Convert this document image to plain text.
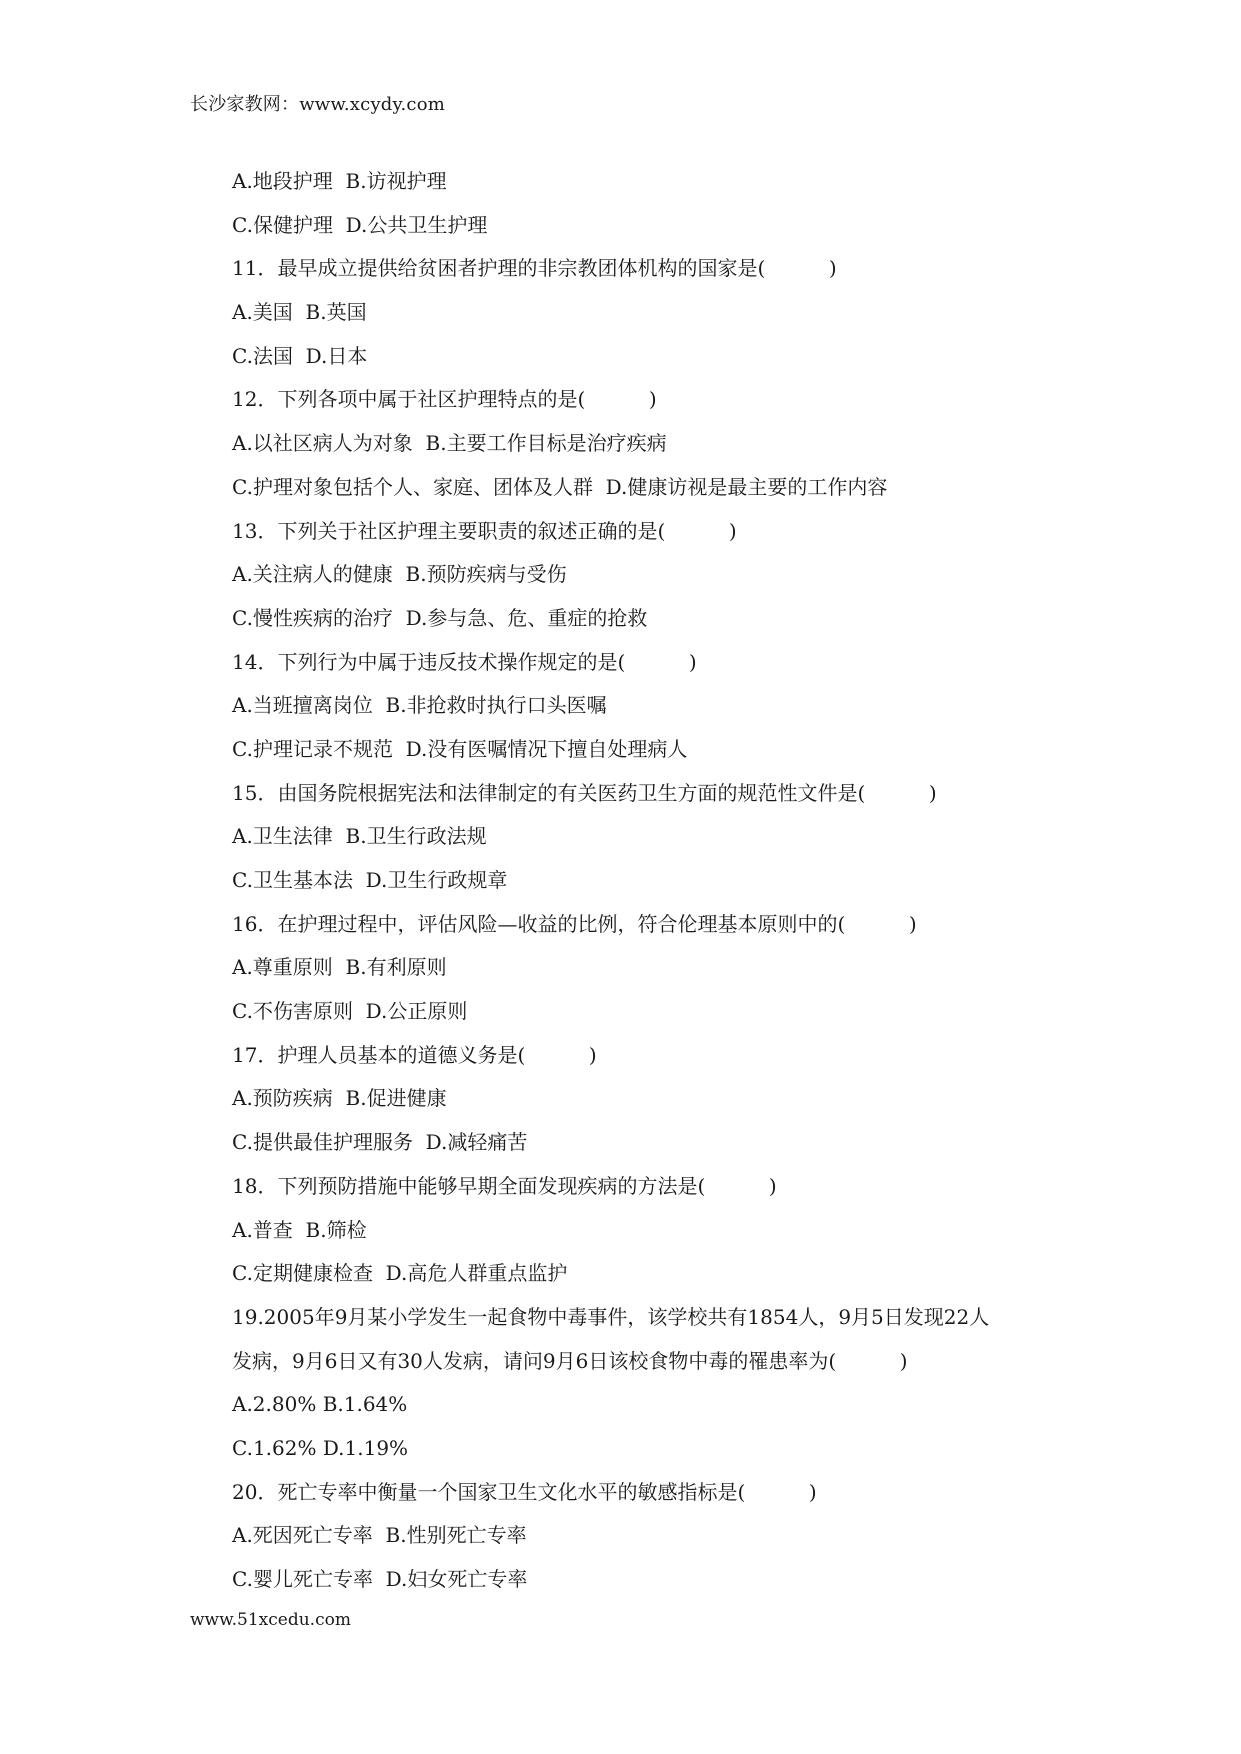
长沙家教网：www.xcydy.com
A.地段护理  B.访视护理
C.保健护理  D.公共卫生护理
11．最早成立提供给贫困者护理的非宗教团体机构的国家是(          )
A.美国  B.英国
C.法国  D.日本
12．下列各项中属于社区护理特点的是(          )
A.以社区病人为对象  B.主要工作目标是治疗疾病
C.护理对象包括个人、家庭、团体及人群  D.健康访视是最主要的工作内容
13．下列关于社区护理主要职责的叙述正确的是(          )
A.关注病人的健康  B.预防疾病与受伤
C.慢性疾病的治疗  D.参与急、危、重症的抢救
14．下列行为中属于违反技术操作规定的是(          )
A.当班擅离岗位  B.非抢救时执行口头医嘱
C.护理记录不规范  D.没有医嘱情况下擅自处理病人
15．由国务院根据宪法和法律制定的有关医药卫生方面的规范性文件是(          )
A.卫生法律  B.卫生行政法规
C.卫生基本法  D.卫生行政规章
16．在护理过程中，评估风险—收益的比例，符合伦理基本原则中的(          )
A.尊重原则  B.有利原则
C.不伤害原则  D.公正原则
17．护理人员基本的道德义务是(          )
A.预防疾病  B.促进健康
C.提供最佳护理服务  D.减轻痛苦
18．下列预防措施中能够早期全面发现疾病的方法是(          )
A.普查  B.筛检
C.定期健康检查  D.高危人群重点监护
19.2005年9月某小学发生一起食物中毒事件，该学校共有1854人，9月5日发现22人
发病，9月6日又有30人发病，请问9月6日该校食物中毒的罹患率为(          )
A.2.80% B.1.64%
C.1.62% D.1.19%
20．死亡专率中衡量一个国家卫生文化水平的敏感指标是(          )
A.死因死亡专率  B.性别死亡专率
C.婴儿死亡专率  D.妇女死亡专率
www.51xcedu.com
